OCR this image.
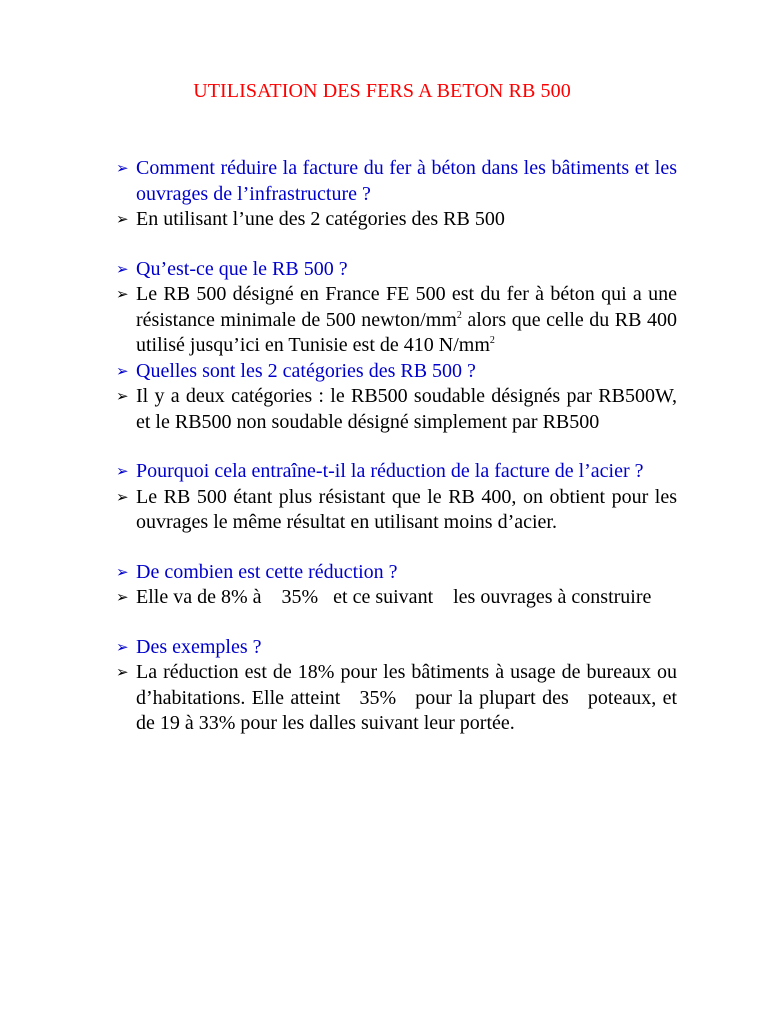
UTILISATION DES FERS A BETON RB 500
➢ Comment réduire la facture du fer à béton dans les bâtiments et les ouvrages de l’infrastructure ?
➢ En utilisant l’une des 2 catégories des RB 500
➢ Qu’est-ce que le RB 500 ?
➢ Le RB 500 désigné en France FE 500 est du fer à béton qui a une résistance minimale de 500 newton/$mm^2$ alors que celle du RB 400 utilisé jusqu’ici en Tunisie est de 410 $N/mm^2$
➢ Quelles sont les 2 catégories des RB 500 ?
➢ Il y a deux catégories : le RB500 soudable désignés par RB500W, et le RB500 non soudable désigné simplement par RB500
➢ Pourquoi cela entraîne-t-il la réduction de la facture de l’acier ?
➢ Le RB 500 étant plus résistant que le RB 400, on obtient pour les ouvrages le même résultat en utilisant moins d’acier.
➢ De combien est cette réduction ?
➢ Elle va de 8% à    35%   et ce suivant    les ouvrages à construire
➢ Des exemples ?
➢ La réduction est de 18% pour les bâtiments à usage de bureaux ou d’habitations. Elle atteint   35%   pour la plupart des   poteaux, et de 19 à 33% pour les dalles suivant leur portée.
